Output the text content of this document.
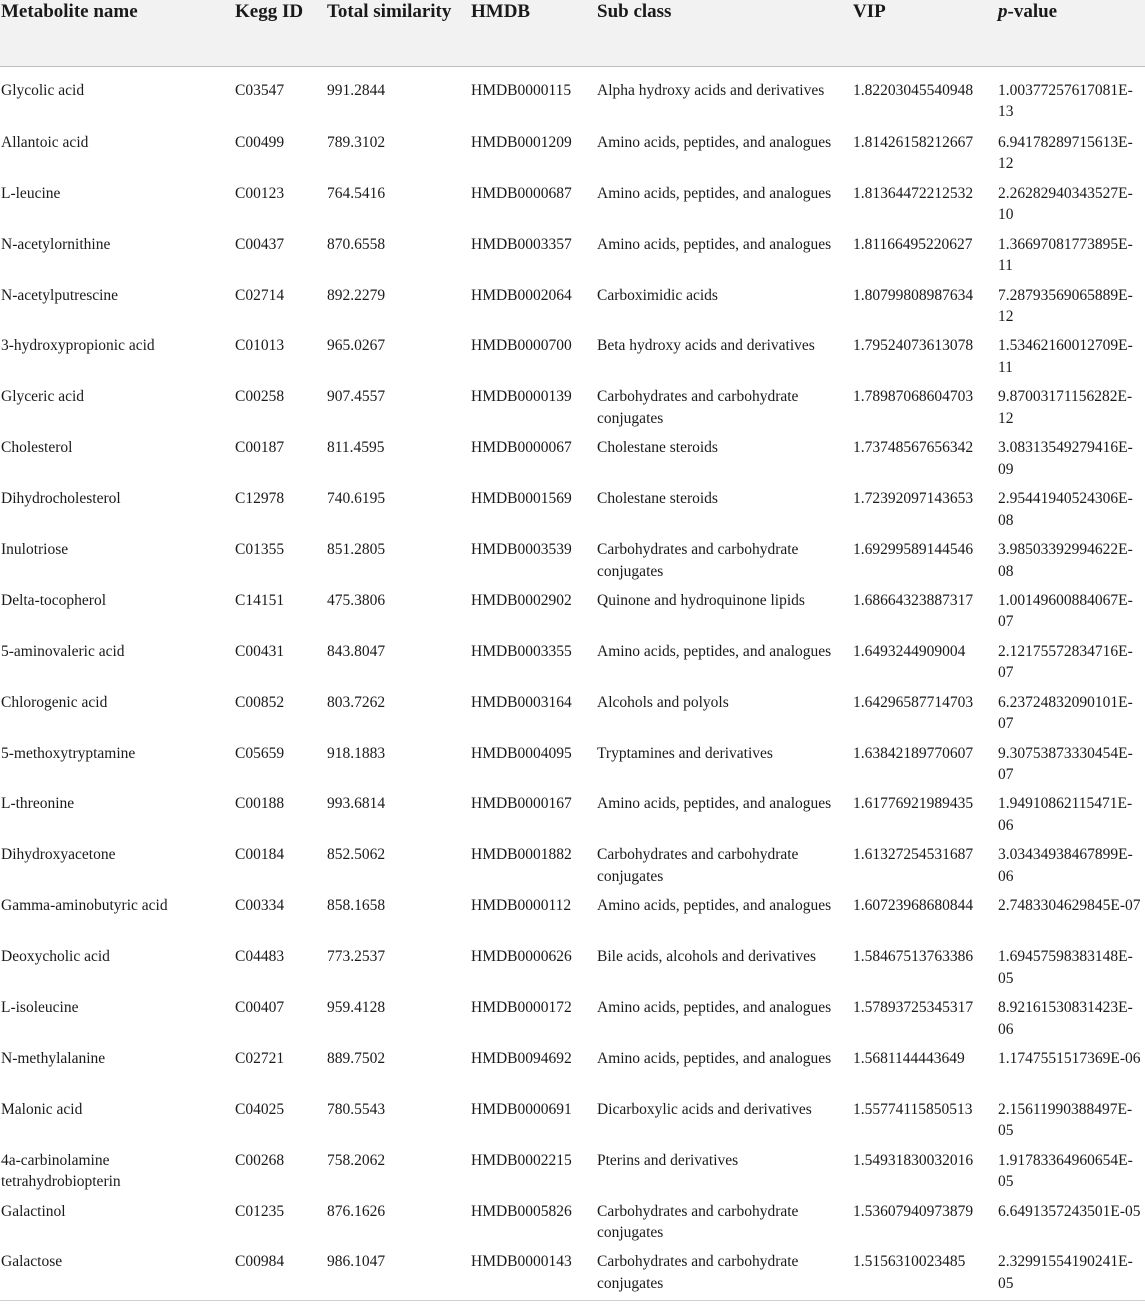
Metabolite name	Kegg ID	Total similarity	HMDB	Sub class	VIP	p-value
Glycolic acid	C03547	991.2844	HMDB0000115	Alpha hydroxy acids and derivatives	1.82203045540948	1.00377257617081E-13
Allantoic acid	C00499	789.3102	HMDB0001209	Amino acids, peptides, and analogues	1.81426158212667	6.94178289715613E-12
L-leucine	C00123	764.5416	HMDB0000687	Amino acids, peptides, and analogues	1.81364472212532	2.26282940343527E-10
N-acetylornithine	C00437	870.6558	HMDB0003357	Amino acids, peptides, and analogues	1.81166495220627	1.36697081773895E-11
N-acetylputrescine	C02714	892.2279	HMDB0002064	Carboximidic acids	1.80799808987634	7.28793569065889E-12
3-hydroxypropionic acid	C01013	965.0267	HMDB0000700	Beta hydroxy acids and derivatives	1.79524073613078	1.53462160012709E-11
Glyceric acid	C00258	907.4557	HMDB0000139	Carbohydrates and carbohydrate conjugates	1.78987068604703	9.87003171156282E-12
Cholesterol	C00187	811.4595	HMDB0000067	Cholestane steroids	1.73748567656342	3.08313549279416E-09
Dihydrocholesterol	C12978	740.6195	HMDB0001569	Cholestane steroids	1.72392097143653	2.95441940524306E-08
Inulotriose	C01355	851.2805	HMDB0003539	Carbohydrates and carbohydrate conjugates	1.69299589144546	3.98503392994622E-08
Delta-tocopherol	C14151	475.3806	HMDB0002902	Quinone and hydroquinone lipids	1.68664323887317	1.00149600884067E-07
5-aminovaleric acid	C00431	843.8047	HMDB0003355	Amino acids, peptides, and analogues	1.6493244909004	2.12175572834716E-07
Chlorogenic acid	C00852	803.7262	HMDB0003164	Alcohols and polyols	1.64296587714703	6.23724832090101E-07
5-methoxytryptamine	C05659	918.1883	HMDB0004095	Tryptamines and derivatives	1.63842189770607	9.30753873330454E-07
L-threonine	C00188	993.6814	HMDB0000167	Amino acids, peptides, and analogues	1.61776921989435	1.94910862115471E-06
Dihydroxyacetone	C00184	852.5062	HMDB0001882	Carbohydrates and carbohydrate conjugates	1.61327254531687	3.03434938467899E-06
Gamma-aminobutyric acid	C00334	858.1658	HMDB0000112	Amino acids, peptides, and analogues	1.60723968680844	2.7483304629845E-07
Deoxycholic acid	C04483	773.2537	HMDB0000626	Bile acids, alcohols and derivatives	1.58467513763386	1.69457598383148E-05
L-isoleucine	C00407	959.4128	HMDB0000172	Amino acids, peptides, and analogues	1.57893725345317	8.92161530831423E-06
N-methylalanine	C02721	889.7502	HMDB0094692	Amino acids, peptides, and analogues	1.5681144443649	1.1747551517369E-06
Malonic acid	C04025	780.5543	HMDB0000691	Dicarboxylic acids and derivatives	1.55774115850513	2.15611990388497E-05
4a-carbinolamine tetrahydrobiopterin	C00268	758.2062	HMDB0002215	Pterins and derivatives	1.54931830032016	1.91783364960654E-05
Galactinol	C01235	876.1626	HMDB0005826	Carbohydrates and carbohydrate conjugates	1.53607940973879	6.6491357243501E-05
Galactose	C00984	986.1047	HMDB0000143	Carbohydrates and carbohydrate conjugates	1.5156310023485	2.32991554190241E-05
